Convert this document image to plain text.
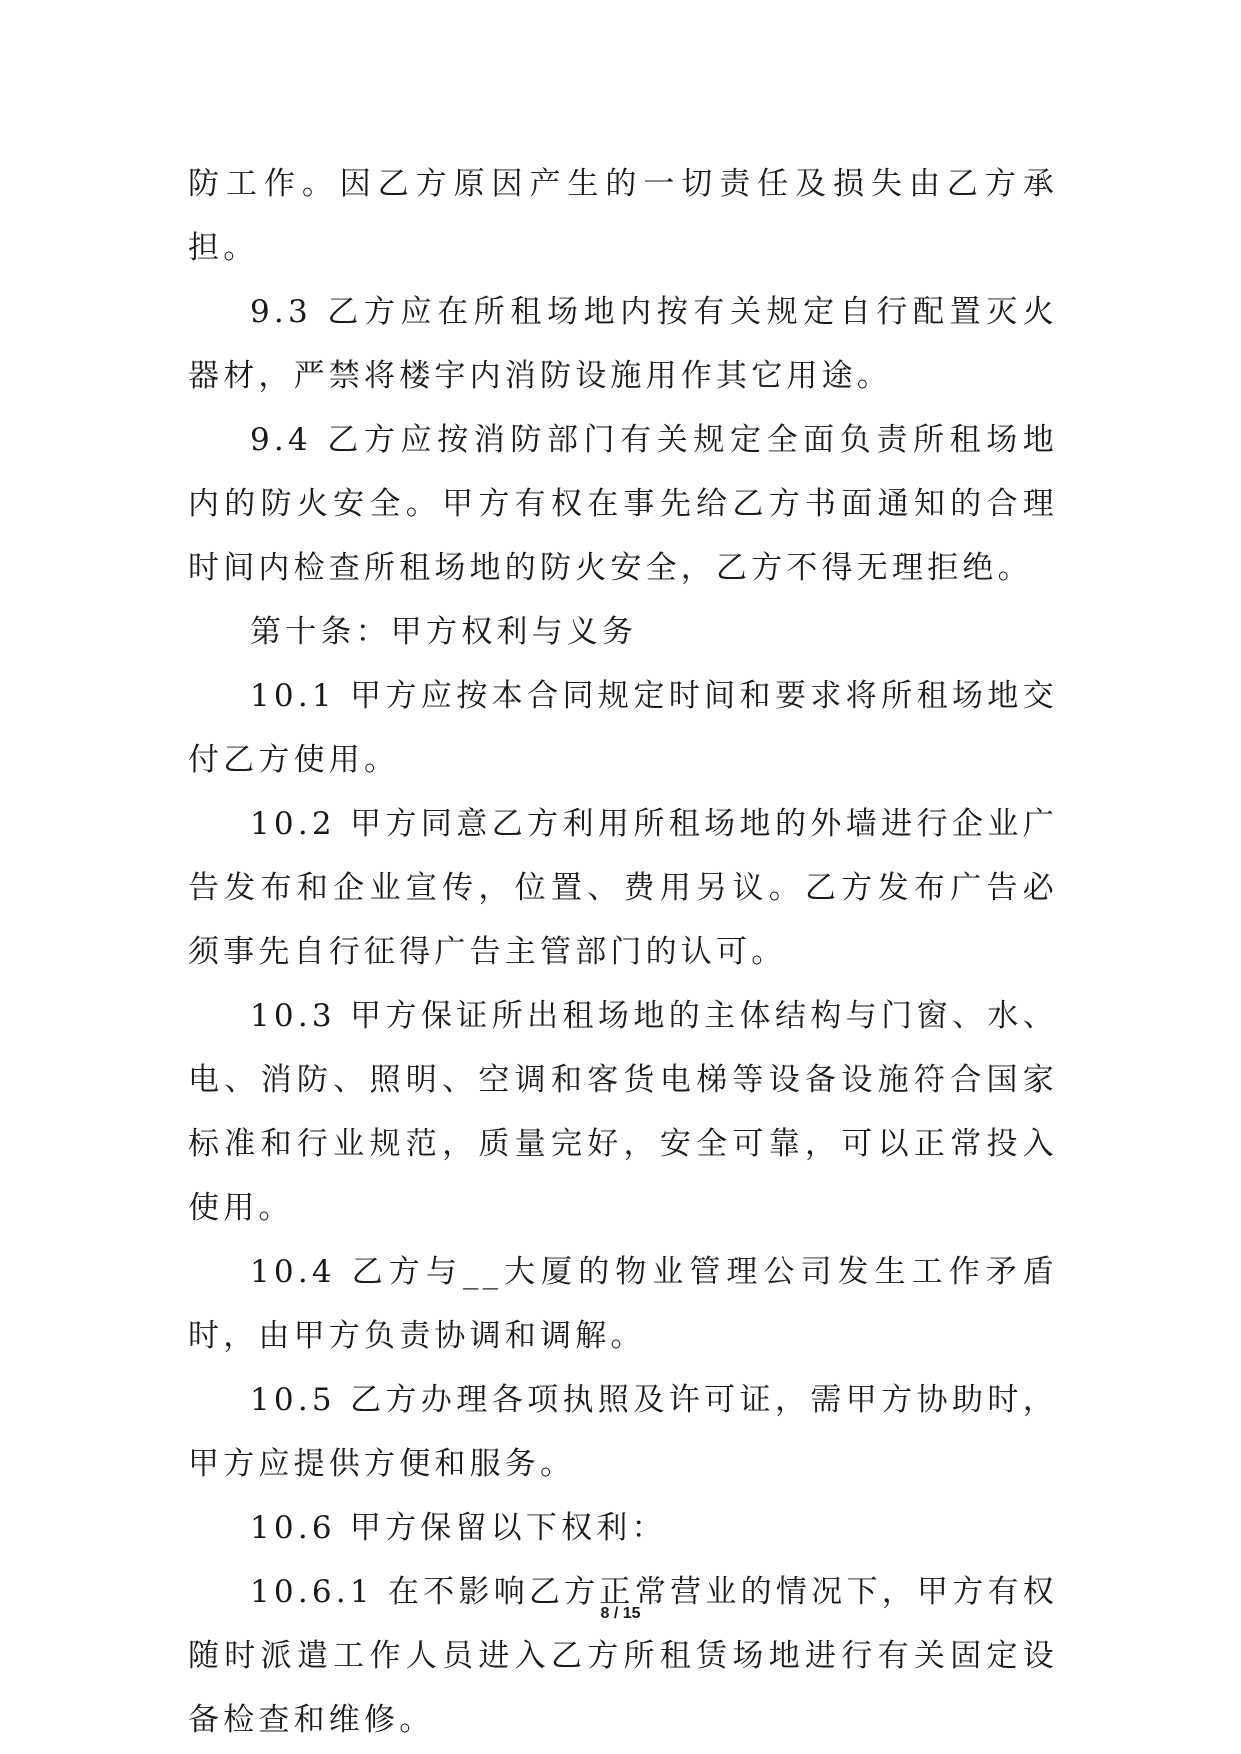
防工作。因乙方原因产生的一切责任及损失由乙方承担。

9.3 乙方应在所租场地内按有关规定自行配置灭火器材，严禁将楼宇内消防设施用作其它用途。

9.4 乙方应按消防部门有关规定全面负责所租场地内的防火安全。甲方有权在事先给乙方书面通知的合理时间内检查所租场地的防火安全，乙方不得无理拒绝。

第十条：甲方权利与义务

10.1 甲方应按本合同规定时间和要求将所租场地交付乙方使用。

10.2 甲方同意乙方利用所租场地的外墙进行企业广告发布和企业宣传，位置、费用另议。乙方发布广告必须事先自行征得广告主管部门的认可。

10.3 甲方保证所出租场地的主体结构与门窗、水、电、消防、照明、空调和客货电梯等设备设施符合国家标准和行业规范，质量完好，安全可靠，可以正常投入使用。

10.4 乙方与__大厦的物业管理公司发生工作矛盾时，由甲方负责协调和调解。

10.5 乙方办理各项执照及许可证，需甲方协助时，甲方应提供方便和服务。

10.6 甲方保留以下权利：

10.6.1 在不影响乙方正常营业的情况下，甲方有权随时派遣工作人员进入乙方所租赁场地进行有关固定设备检查和维修。

8 / 15
